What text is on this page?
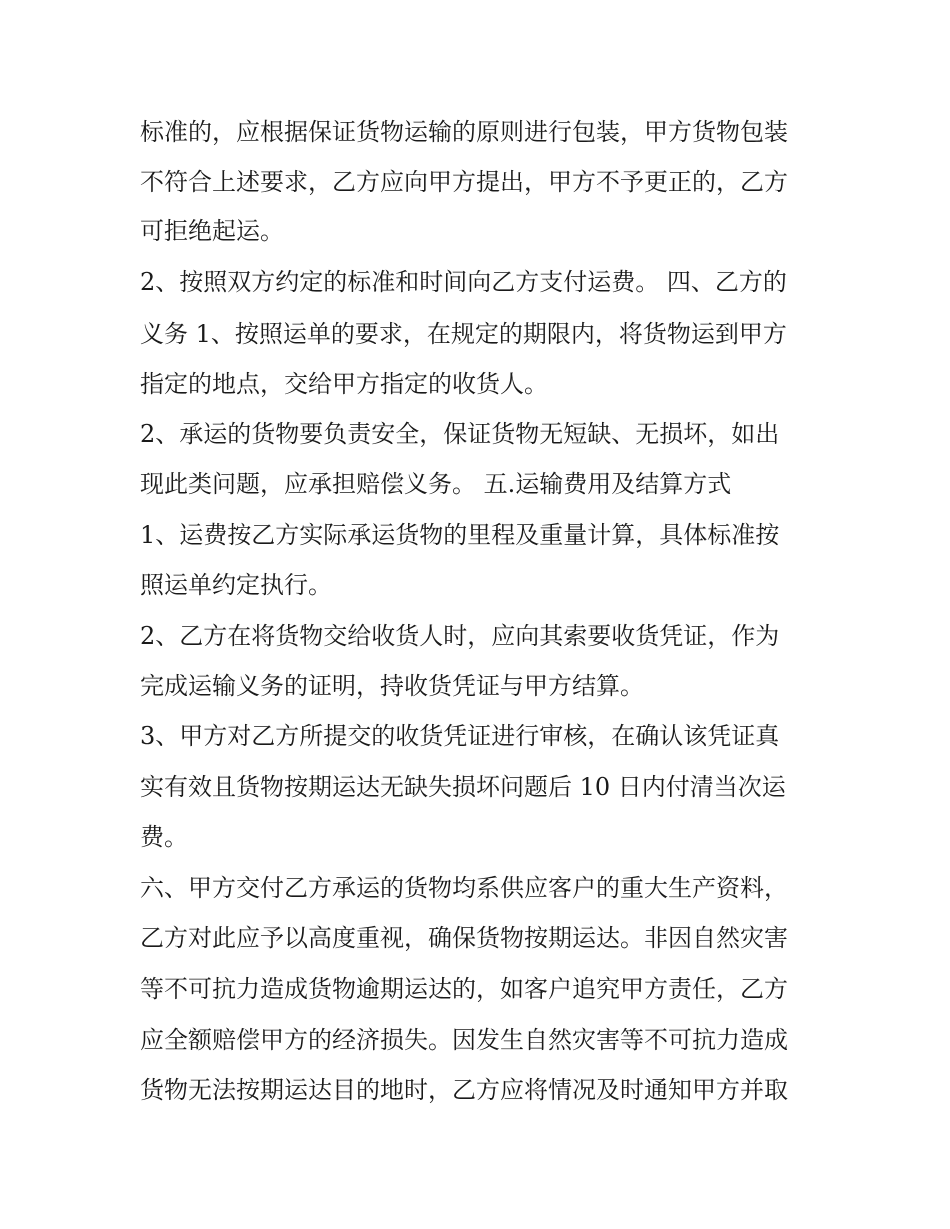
标准的，应根据保证货物运输的原则进行包装，甲方货物包装
不符合上述要求，乙方应向甲方提出，甲方不予更正的，乙方
可拒绝起运。
2、按照双方约定的标准和时间向乙方支付运费。 四、乙方的
义务 1、按照运单的要求，在规定的期限内，将货物运到甲方
指定的地点，交给甲方指定的收货人。
2、承运的货物要负责安全，保证货物无短缺、无损坏，如出
现此类问题，应承担赔偿义务。 五.运输费用及结算方式
1、运费按乙方实际承运货物的里程及重量计算，具体标准按
照运单约定执行。
2、乙方在将货物交给收货人时，应向其索要收货凭证，作为
完成运输义务的证明，持收货凭证与甲方结算。
3、甲方对乙方所提交的收货凭证进行审核，在确认该凭证真
实有效且货物按期运达无缺失损坏问题后 10 日内付清当次运
费。
六、甲方交付乙方承运的货物均系供应客户的重大生产资料，
乙方对此应予以高度重视，确保货物按期运达。非因自然灾害
等不可抗力造成货物逾期运达的，如客户追究甲方责任，乙方
应全额赔偿甲方的经济损失。因发生自然灾害等不可抗力造成
货物无法按期运达目的地时，乙方应将情况及时通知甲方并取
